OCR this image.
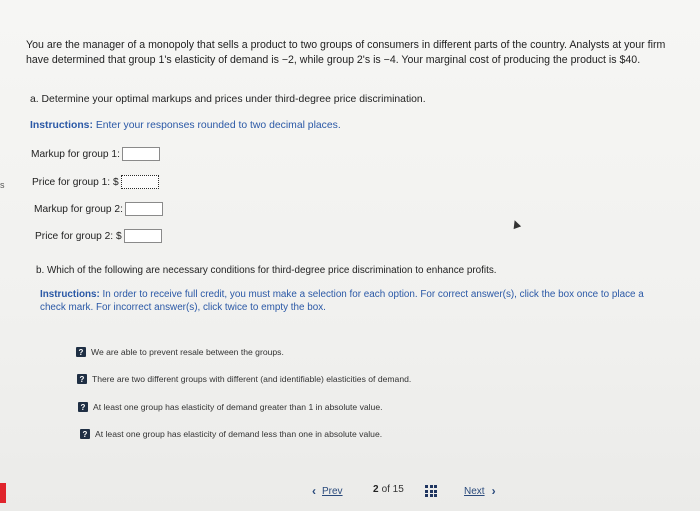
s
You are the manager of a monopoly that sells a product to two groups of consumers in different parts of the country. Analysts at your firm have determined that group 1's elasticity of demand is −2, while group 2's is −4. Your marginal cost of producing the product is $40.
a. Determine your optimal markups and prices under third-degree price discrimination.
Instructions: Enter your responses rounded to two decimal places.
Markup for group 1:
Price for group 1: $
Markup for group 2:
Price for group 2: $
b. Which of the following are necessary conditions for third-degree price discrimination to enhance profits.
Instructions: In order to receive full credit, you must make a selection for each option. For correct answer(s), click the box once to place a check mark. For incorrect answer(s), click twice to empty the box.
? We are able to prevent resale between the groups.
? There are two different groups with different (and identifiable) elasticities of demand.
? At least one group has elasticity of demand greater than 1 in absolute value.
? At least one group has elasticity of demand less than one in absolute value.
‹ Prev	2 of 15	Next ›
